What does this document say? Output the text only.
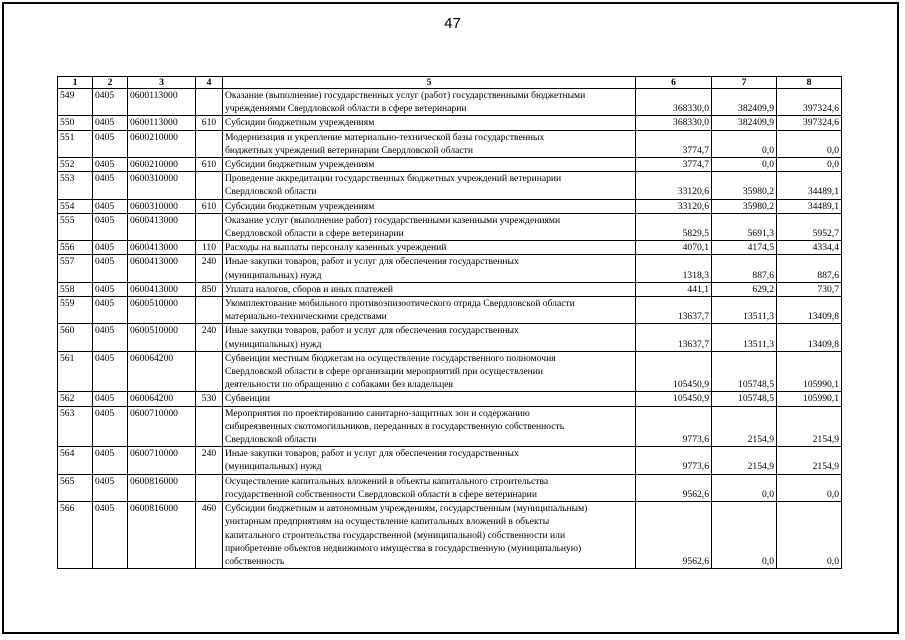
47
1	2	3	4	5	6	7	8
549	0405	0600113000		Оказание (выполнение) государственных услуг (работ) государственными бюджетными
учреждениями Свердловской области в сфере ветеринарии	368330,0	382409,9	397324,6
550	0405	0600113000	610	Субсидии бюджетным учреждениям	368330,0	382409,9	397324,6
551	0405	0600210000		Модернизация и укрепление материально-технической базы государственных
бюджетных учреждений ветеринарии Свердловской области	3774,7	0,0	0,0
552	0405	0600210000	610	Субсидии бюджетным учреждениям	3774,7	0,0	0,0
553	0405	0600310000		Проведение аккредитации государственных бюджетных учреждений ветеринарии
Свердловской области	33120,6	35980,2	34489,1
554	0405	0600310000	610	Субсидии бюджетным учреждениям	33120,6	35980,2	34489,1
555	0405	0600413000		Оказание услуг (выполнение работ) государственными казенными учреждениями
Свердловской области в сфере ветеринарии	5829,5	5691,3	5952,7
556	0405	0600413000	110	Расходы на выплаты персоналу казенных учреждений	4070,1	4174,5	4334,4
557	0405	0600413000	240	Иные закупки товаров, работ и услуг для обеспечения государственных
(муниципальных) нужд	1318,3	887,6	887,6
558	0405	0600413000	850	Уплата налогов, сборов и иных платежей	441,1	629,2	730,7
559	0405	0600510000		Укомплектование мобильного противоэпизоотического отряда Свердловской области
материально-техническими средствами	13637,7	13511,3	13409,8
560	0405	0600510000	240	Иные закупки товаров, работ и услуг для обеспечения государственных
(муниципальных) нужд	13637,7	13511,3	13409,8
561	0405	060064200		Субвенции местным бюджетам на осуществление государственного полномочия
Свердловской области в сфере организации мероприятий при осуществлении
деятельности по обращению с собаками без владельцев	105450,9	105748,5	105990,1
562	0405	060064200	530	Субвенции	105450,9	105748,5	105990,1
563	0405	0600710000		Мероприятия по проектированию санитарно-защитных зон и содержанию
сибиреязвенных скотомогильников, переданных в государственную собственность
Свердловской области	9773,6	2154,9	2154,9
564	0405	0600710000	240	Иные закупки товаров, работ и услуг для обеспечения государственных
(муниципальных) нужд	9773,6	2154,9	2154,9
565	0405	0600816000		Осуществление капитальных вложений в объекты капитального строительства
государственной собственности Свердловской области в сфере ветеринарии	9562,6	0,0	0,0
566	0405	0600816000	460	Субсидии бюджетным и автономным учреждениям, государственным (муниципальным)
унитарным предприятиям на осуществление капитальных вложений в объекты
капитального строительства государственной (муниципальной) собственности или
приобретение объектов недвижимого имущества в государственную (муниципальную)
собственность	9562,6	0,0	0,0
